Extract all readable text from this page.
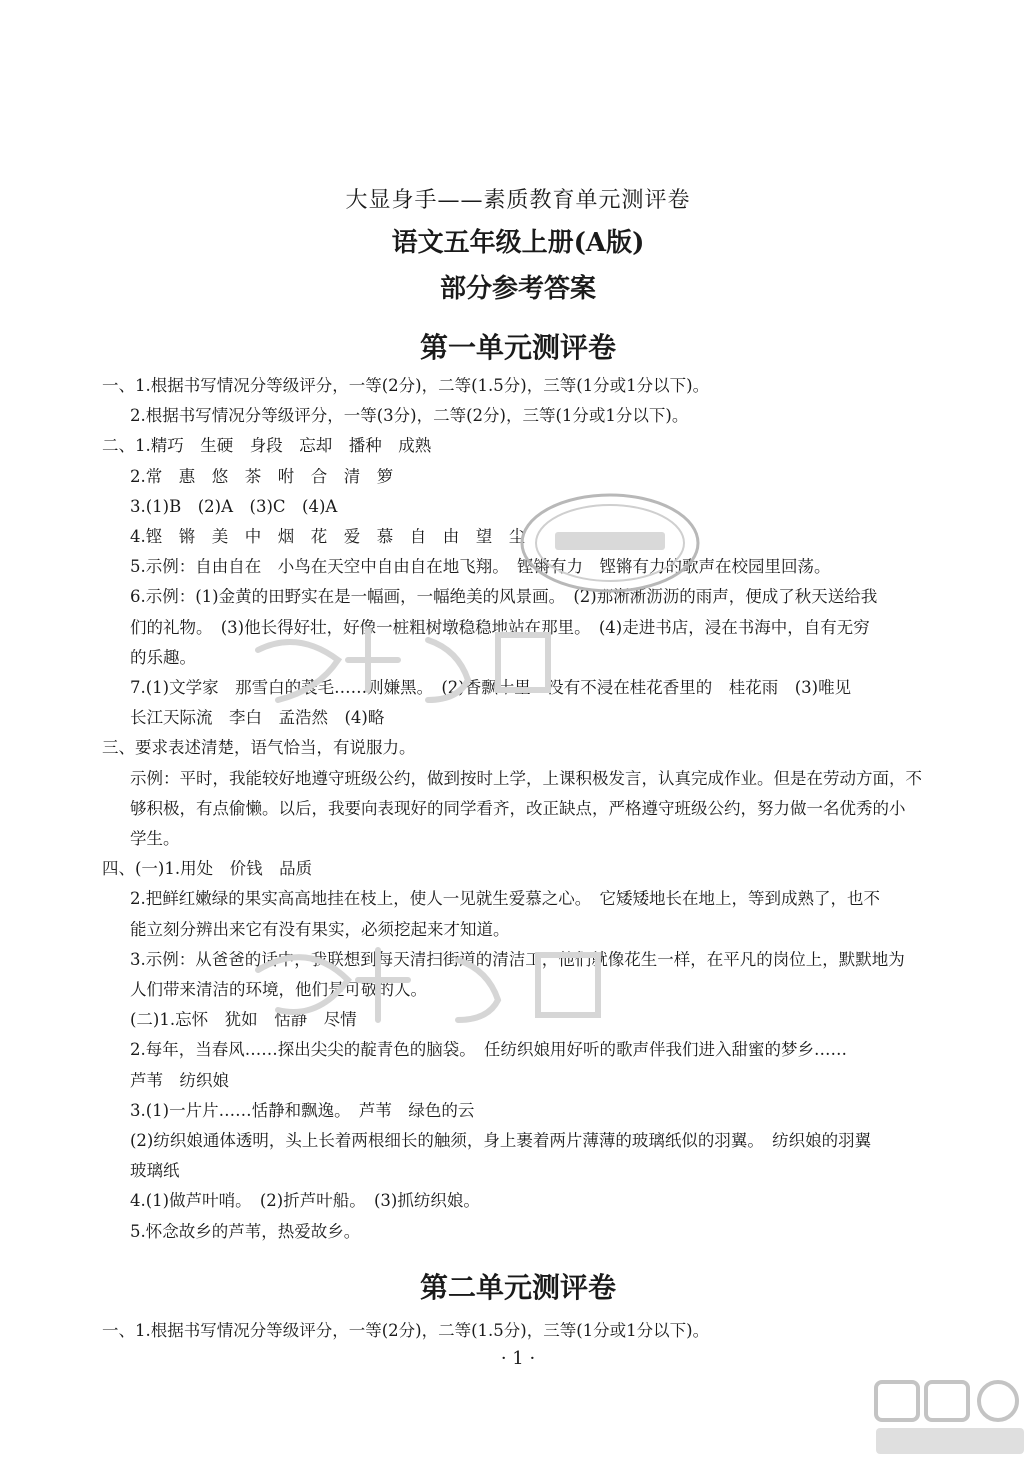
大显身手——素质教育单元测评卷
语文五年级上册(A版)
部分参考答案
第一单元测评卷
一、1.根据书写情况分等级评分，一等(2分)，二等(1.5分)，三等(1分或1分以下)。
2.根据书写情况分等级评分，一等(3分)，二等(2分)，三等(1分或1分以下)。
二、1.精巧　生硬　身段　忘却　播种　成熟
2.常　惠　悠　茶　咐　合　清　箩
3.(1)B　(2)A　(3)C　(4)A
4.铿　锵　美　中　烟　花　爱　慕　自　由　望　尘
5.示例：自由自在　小鸟在天空中自由自在地飞翔。　铿锵有力　铿锵有力的歌声在校园里回荡。
6.示例：(1)金黄的田野实在是一幅画，一幅绝美的风景画。　(2)那淅淅沥沥的雨声，便成了秋天送给我
们的礼物。　(3)他长得好壮，好像一桩粗树墩稳稳地站在那里。　(4)走进书店，浸在书海中，自有无穷
的乐趣。
7.(1)文学家　那雪白的蓑毛……则嫌黑。　(2)香飘十里　没有不浸在桂花香里的　桂花雨　(3)唯见
长江天际流　李白　孟浩然　(4)略
三、要求表述清楚，语气恰当，有说服力。
示例：平时，我能较好地遵守班级公约，做到按时上学，上课积极发言，认真完成作业。但是在劳动方面，不
够积极，有点偷懒。以后，我要向表现好的同学看齐，改正缺点，严格遵守班级公约，努力做一名优秀的小
学生。
四、(一)1.用处　价钱　品质
2.把鲜红嫩绿的果实高高地挂在枝上，使人一见就生爱慕之心。　它矮矮地长在地上，等到成熟了，也不
能立刻分辨出来它有没有果实，必须挖起来才知道。
3.示例：从爸爸的话中，我联想到每天清扫街道的清洁工，他们就像花生一样，在平凡的岗位上，默默地为
人们带来清洁的环境，他们是可敬的人。
(二)1.忘怀　犹如　恬静　尽情
2.每年，当春风……探出尖尖的靛青色的脑袋。　任纺织娘用好听的歌声伴我们进入甜蜜的梦乡……
芦苇　纺织娘
3.(1)一片片……恬静和飘逸。　芦苇　绿色的云
(2)纺织娘通体透明，头上长着两根细长的触须，身上裹着两片薄薄的玻璃纸似的羽翼。　纺织娘的羽翼
玻璃纸
4.(1)做芦叶哨。　(2)折芦叶船。　(3)抓纺织娘。
5.怀念故乡的芦苇，热爱故乡。
第二单元测评卷
一、1.根据书写情况分等级评分，一等(2分)，二等(1.5分)，三等(1分或1分以下)。
· 1 ·
